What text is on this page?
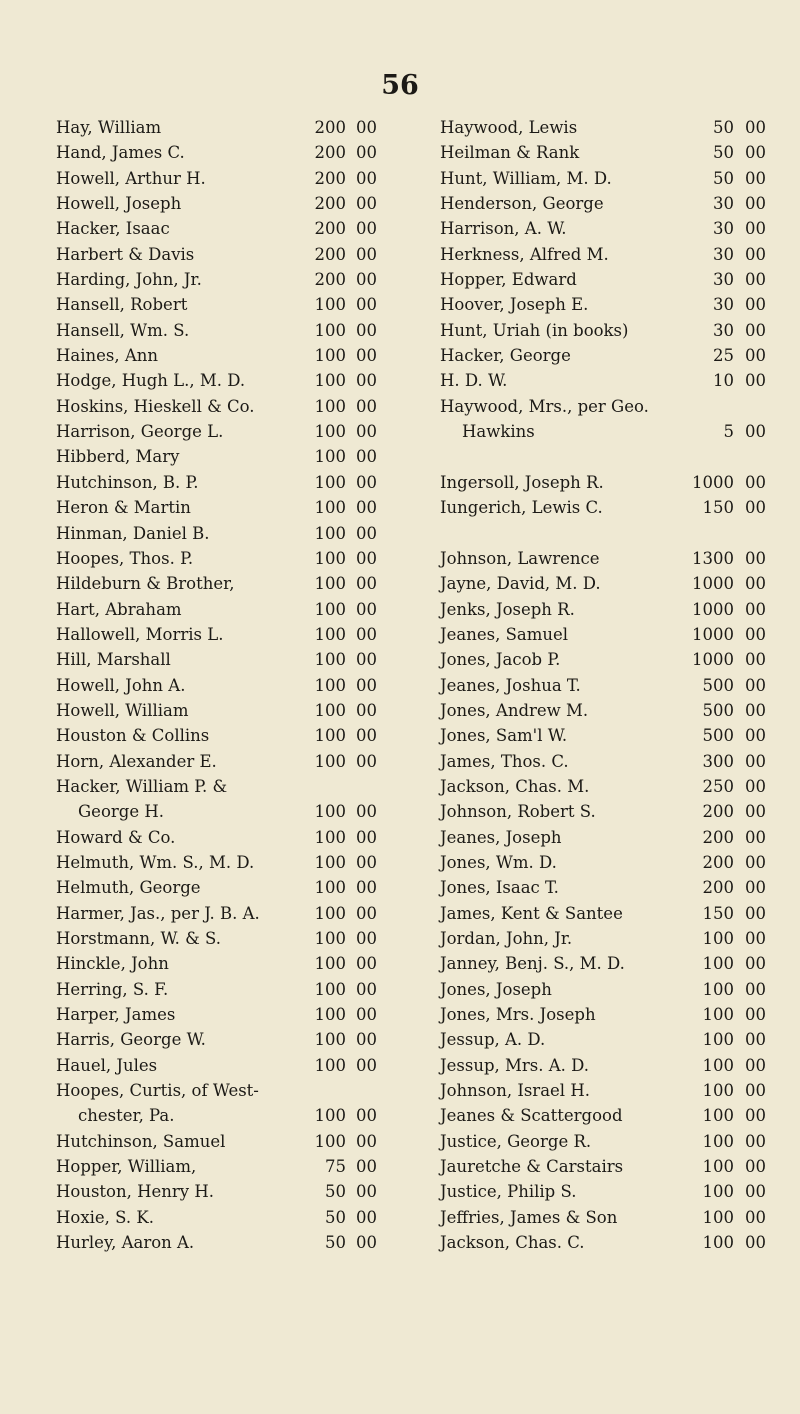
56
Hay, William	200 00
Hand, James C.	200 00
Howell, Arthur H.	200 00
Howell, Joseph	200 00
Hacker, Isaac	200 00
Harbert & Davis	200 00
Harding, John, Jr.	200 00
Hansell, Robert	100 00
Hansell, Wm. S.	100 00
Haines, Ann	100 00
Hodge, Hugh L., M. D.	100 00
Hoskins, Hieskell & Co.	100 00
Harrison, George L.	100 00
Hibberd, Mary	100 00
Hutchinson, B. P.	100 00
Heron & Martin	100 00
Hinman, Daniel B.	100 00
Hoopes, Thos. P.	100 00
Hildeburn & Brother,	100 00
Hart, Abraham	100 00
Hallowell, Morris L.	100 00
Hill, Marshall	100 00
Howell, John A.	100 00
Howell, William	100 00
Houston & Collins	100 00
Horn, Alexander E.	100 00
Hacker, William P. &
George H.	100 00
Howard & Co.	100 00
Helmuth, Wm. S., M. D.	100 00
Helmuth, George	100 00
Harmer, Jas., per J. B. A.	100 00
Horstmann, W. & S.	100 00
Hinckle, John	100 00
Herring, S. F.	100 00
Harper, James	100 00
Harris, George W.	100 00
Hauel, Jules	100 00
Hoopes, Curtis, of West-
chester, Pa.	100 00
Hutchinson, Samuel	100 00
Hopper, William,	75 00
Houston, Henry H.	50 00
Hoxie, S. K.	50 00
Hurley, Aaron A.	50 00
Haywood, Lewis	50 00
Heilman & Rank	50 00
Hunt, William, M. D.	50 00
Henderson, George	30 00
Harrison, A. W.	30 00
Herkness, Alfred M.	30 00
Hopper, Edward	30 00
Hoover, Joseph E.	30 00
Hunt, Uriah (in books)	30 00
Hacker, George	25 00
H. D. W.	10 00
Haywood, Mrs., per Geo.
Hawkins	5 00
Ingersoll, Joseph R.	1000 00
Iungerich, Lewis C.	150 00
Johnson, Lawrence	1300 00
Jayne, David, M. D.	1000 00
Jenks, Joseph R.	1000 00
Jeanes, Samuel	1000 00
Jones, Jacob P.	1000 00
Jeanes, Joshua T.	500 00
Jones, Andrew M.	500 00
Jones, Sam'l W.	500 00
James, Thos. C.	300 00
Jackson, Chas. M.	250 00
Johnson, Robert S.	200 00
Jeanes, Joseph	200 00
Jones, Wm. D.	200 00
Jones, Isaac T.	200 00
James, Kent & Santee	150 00
Jordan, John, Jr.	100 00
Janney, Benj. S., M. D.	100 00
Jones, Joseph	100 00
Jones, Mrs. Joseph	100 00
Jessup, A. D.	100 00
Jessup, Mrs. A. D.	100 00
Johnson, Israel H.	100 00
Jeanes & Scattergood	100 00
Justice, George R.	100 00
Jauretche & Carstairs	100 00
Justice, Philip S.	100 00
Jeffries, James & Son	100 00
Jackson, Chas. C.	100 00
